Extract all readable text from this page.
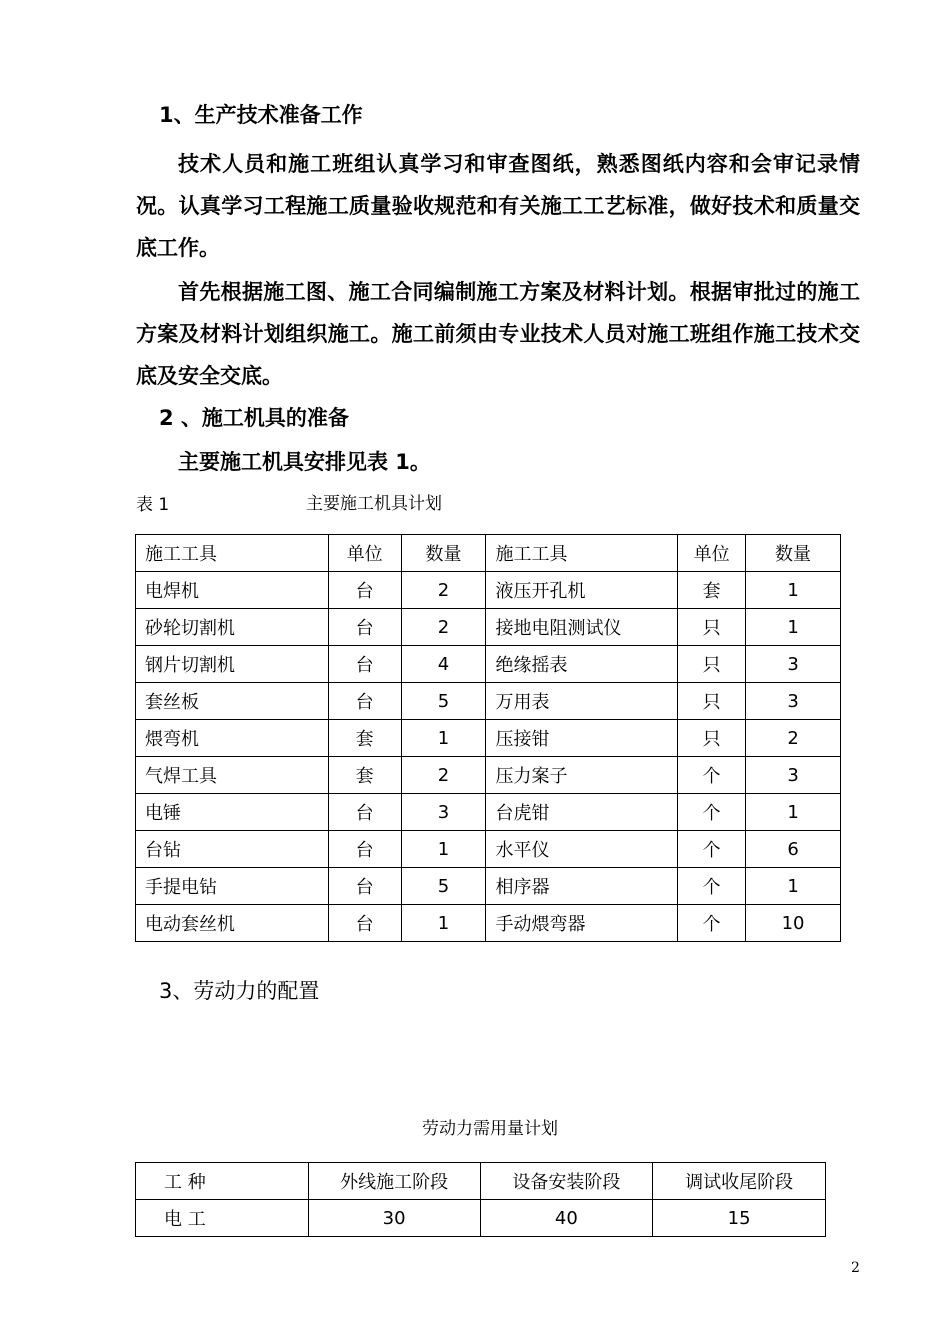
1、生产技术准备工作

技术人员和施工班组认真学习和审查图纸，熟悉图纸内容和会审记录情况。认真学习工程施工质量验收规范和有关施工工艺标准，做好技术和质量交底工作。

首先根据施工图、施工合同编制施工方案及材料计划。根据审批过的施工方案及材料计划组织施工。施工前须由专业技术人员对施工班组作施工技术交底及安全交底。

2 、施工机具的准备

主要施工机具安排见表 1。

表 1	主要施工机具计划
施工工具	单位	数量	施工工具	单位	数量
电焊机	台	2	液压开孔机	套	1
砂轮切割机	台	2	接地电阻测试仪	只	1
钢片切割机	台	4	绝缘摇表	只	3
套丝板	台	5	万用表	只	3
煨弯机	套	1	压接钳	只	2
气焊工具	套	2	压力案子	个	3
电锤	台	3	台虎钳	个	1
台钻	台	1	水平仪	个	6
手提电钻	台	5	相序器	个	1
电动套丝机	台	1	手动煨弯器	个	10
3、劳动力的配置
劳动力需用量计划
工 种	外线施工阶段	设备安装阶段	调试收尾阶段
电 工	30	40	15
2
